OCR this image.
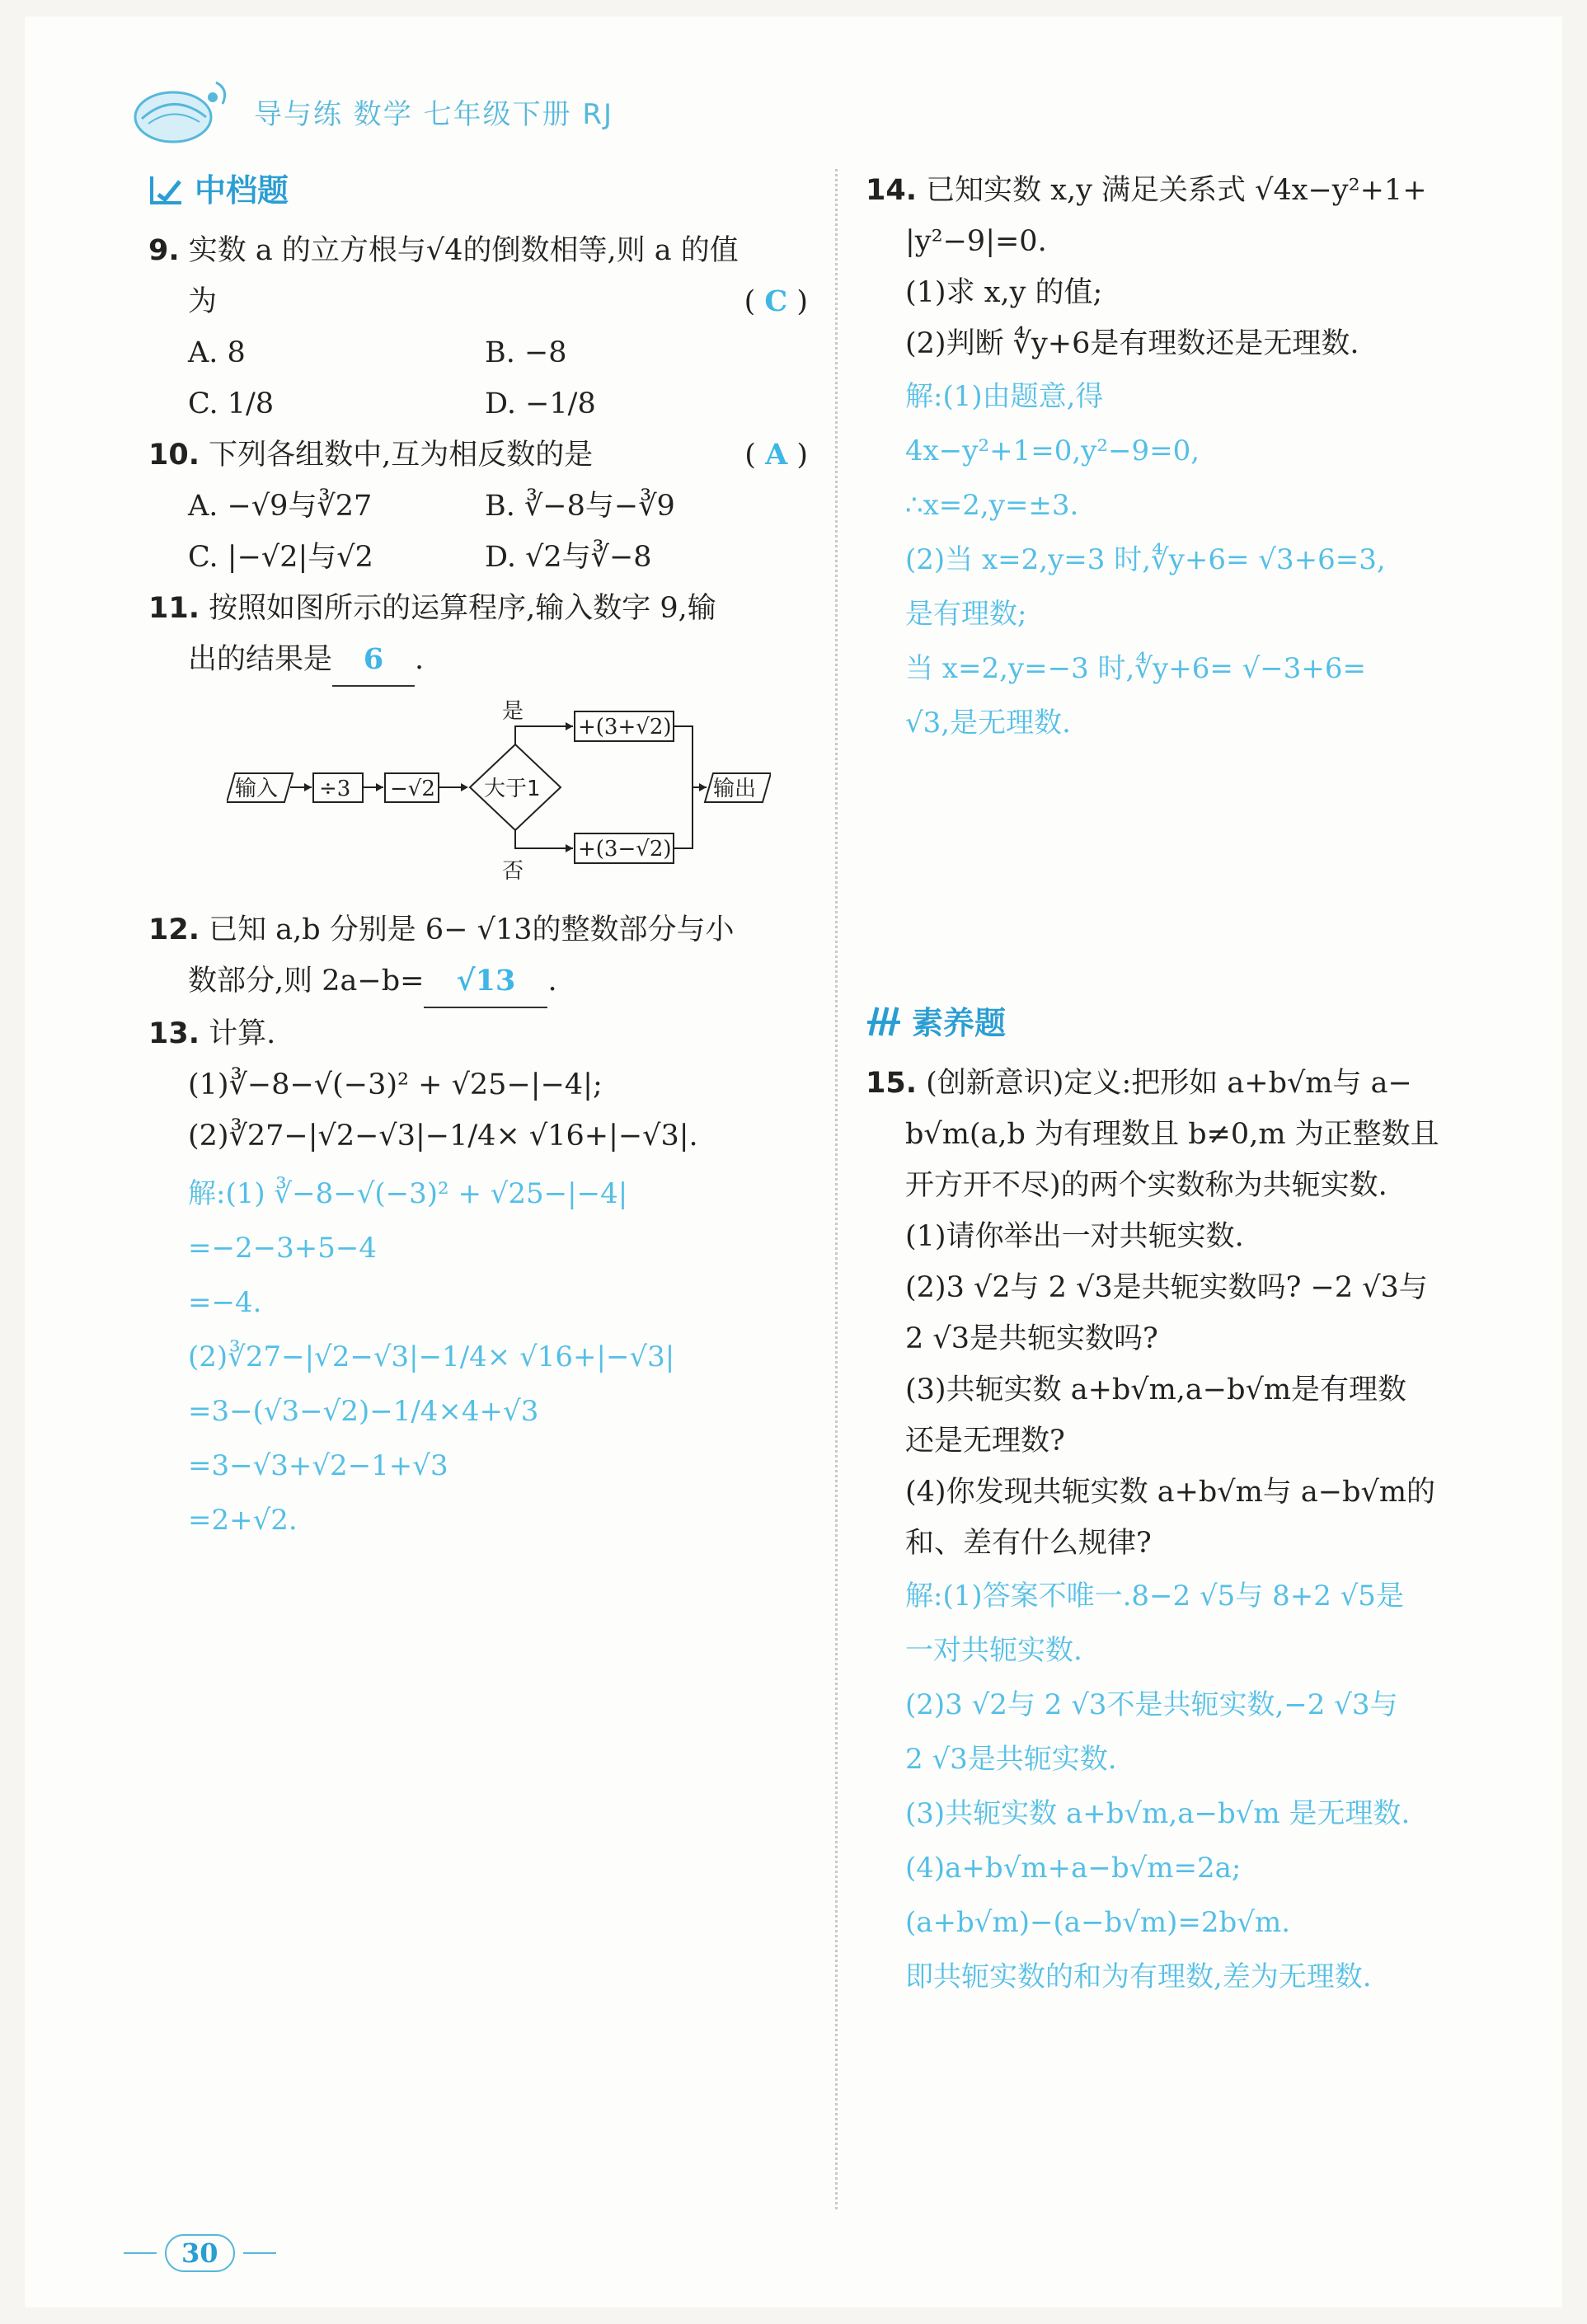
导与练 数学 七年级下册 RJ
中档题
9. 实数 a 的立方根与√4的倒数相等,则 a 的值
为	( C )
A. 8	B. −8
C. 1/8	D. −1/8
10. 下列各组数中,互为相反数的是	( A )
A. −√9与∛27	B. ∛−8与−∛9
C. |−√2|与√2	D. √2与∛−8
11. 按照如图所示的运算程序,输入数字 9,输
出的结果是 6 .
输入 ÷3 −√2 大于1
是
否
+(3+√2)
+(3−√2)
输出
12. 已知 a,b 分别是 6− √13的整数部分与小
数部分,则 2a−b= √13 .
13. 计算.
(1)∛−8−√(−3)² + √25−|−4|;
(2)∛27−|√2−√3|−1/4× √16+|−√3|.
解:(1) ∛−8−√(−3)² + √25−|−4|
=−2−3+5−4
=−4.
(2)∛27−|√2−√3|−1/4× √16+|−√3|
=3−(√3−√2)−1/4×4+√3
=3−√3+√2−1+√3
=2+√2.
14. 已知实数 x,y 满足关系式 √4x−y²+1+
|y²−9|=0.
(1)求 x,y 的值;
(2)判断 ∜y+6是有理数还是无理数.
解:(1)由题意,得
4x−y²+1=0,y²−9=0,
∴x=2,y=±3.
(2)当 x=2,y=3 时,∜y+6= √3+6=3,
是有理数;
当 x=2,y=−3 时,∜y+6= √−3+6=
√3,是无理数.
素养题
15. (创新意识)定义:把形如 a+b√m与 a−
b√m(a,b 为有理数且 b≠0,m 为正整数且
开方开不尽)的两个实数称为共轭实数.
(1)请你举出一对共轭实数.
(2)3 √2与 2 √3是共轭实数吗? −2 √3与
2 √3是共轭实数吗?
(3)共轭实数 a+b√m,a−b√m是有理数
还是无理数?
(4)你发现共轭实数 a+b√m与 a−b√m的
和、差有什么规律?
解:(1)答案不唯一.8−2 √5与 8+2 √5是
一对共轭实数.
(2)3 √2与 2 √3不是共轭实数,−2 √3与
2 √3是共轭实数.
(3)共轭实数 a+b√m,a−b√m 是无理数.
(4)a+b√m+a−b√m=2a;
(a+b√m)−(a−b√m)=2b√m.
即共轭实数的和为有理数,差为无理数.
30
